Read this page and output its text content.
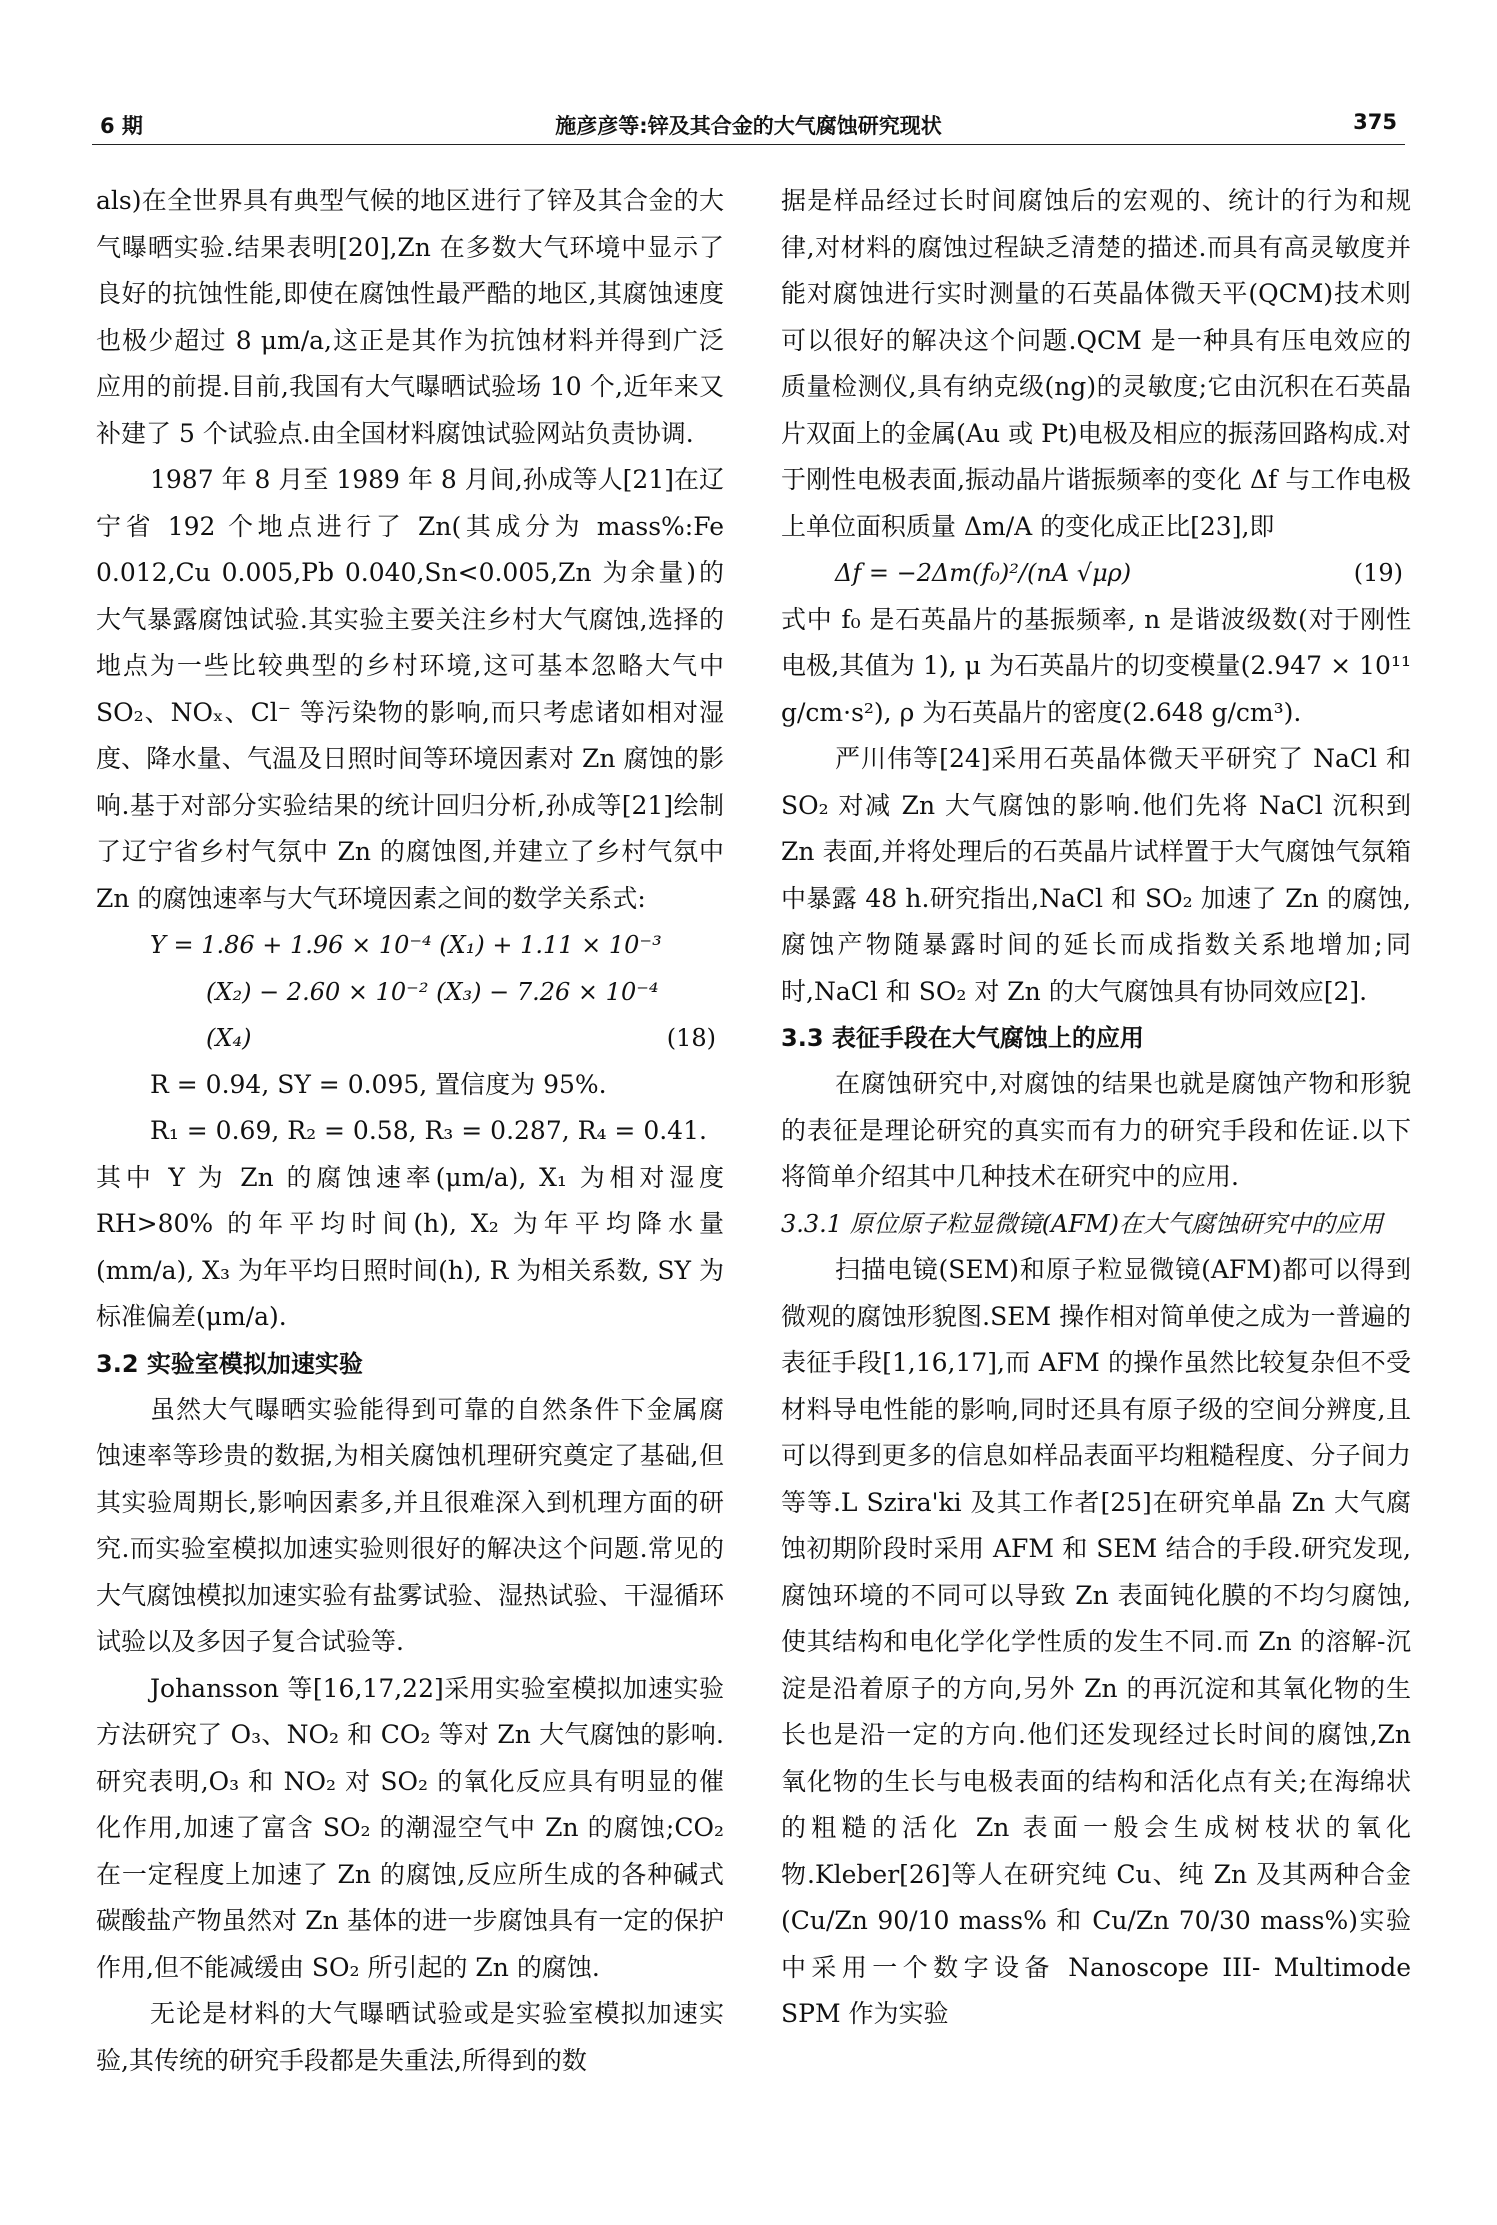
6 期	施彦彦等:锌及其合金的大气腐蚀研究现状	375

als)在全世界具有典型气候的地区进行了锌及其合金的大气曝晒实验.结果表明[20],Zn 在多数大气环境中显示了良好的抗蚀性能,即使在腐蚀性最严酷的地区,其腐蚀速度也极少超过 8 μm/a,这正是其作为抗蚀材料并得到广泛应用的前提.目前,我国有大气曝晒试验场 10 个,近年来又补建了 5 个试验点.由全国材料腐蚀试验网站负责协调.

1987 年 8 月至 1989 年 8 月间,孙成等人[21]在辽宁省 192 个地点进行了 Zn(其成分为 mass%:Fe 0.012,Cu 0.005,Pb 0.040,Sn<0.005,Zn 为余量)的大气暴露腐蚀试验.其实验主要关注乡村大气腐蚀,选择的地点为一些比较典型的乡村环境,这可基本忽略大气中 SO₂、NOₓ、Cl⁻ 等污染物的影响,而只考虑诸如相对湿度、降水量、气温及日照时间等环境因素对 Zn 腐蚀的影响.基于对部分实验结果的统计回归分析,孙成等[21]绘制了辽宁省乡村气氛中 Zn 的腐蚀图,并建立了乡村气氛中 Zn 的腐蚀速率与大气环境因素之间的数学关系式:

Y = 1.86 + 1.96 × 10⁻⁴ (X₁) + 1.11 × 10⁻³

(X₂) − 2.60 × 10⁻² (X₃) − 7.26 × 10⁻⁴

(X₄)	(18)

R = 0.94, SY = 0.095, 置信度为 95%.

R₁ = 0.69, R₂ = 0.58, R₃ = 0.287, R₄ = 0.41.

其中 Y 为 Zn 的腐蚀速率(μm/a), X₁ 为相对湿度 RH>80% 的年平均时间(h), X₂ 为年平均降水量(mm/a), X₃ 为年平均日照时间(h), R 为相关系数, SY 为标准偏差(μm/a).

3.2 实验室模拟加速实验

虽然大气曝晒实验能得到可靠的自然条件下金属腐蚀速率等珍贵的数据,为相关腐蚀机理研究奠定了基础,但其实验周期长,影响因素多,并且很难深入到机理方面的研究.而实验室模拟加速实验则很好的解决这个问题.常见的大气腐蚀模拟加速实验有盐雾试验、湿热试验、干湿循环试验以及多因子复合试验等.

Johansson 等[16,17,22]采用实验室模拟加速实验方法研究了 O₃、NO₂ 和 CO₂ 等对 Zn 大气腐蚀的影响.研究表明,O₃ 和 NO₂ 对 SO₂ 的氧化反应具有明显的催化作用,加速了富含 SO₂ 的潮湿空气中 Zn 的腐蚀;CO₂ 在一定程度上加速了 Zn 的腐蚀,反应所生成的各种碱式碳酸盐产物虽然对 Zn 基体的进一步腐蚀具有一定的保护作用,但不能减缓由 SO₂ 所引起的 Zn 的腐蚀.

无论是材料的大气曝晒试验或是实验室模拟加速实验,其传统的研究手段都是失重法,所得到的数

据是样品经过长时间腐蚀后的宏观的、统计的行为和规律,对材料的腐蚀过程缺乏清楚的描述.而具有高灵敏度并能对腐蚀进行实时测量的石英晶体微天平(QCM)技术则可以很好的解决这个问题.QCM 是一种具有压电效应的质量检测仪,具有纳克级(ng)的灵敏度;它由沉积在石英晶片双面上的金属(Au 或 Pt)电极及相应的振荡回路构成.对于刚性电极表面,振动晶片谐振频率的变化 Δf 与工作电极上单位面积质量 Δm/A 的变化成正比[23],即

Δf = −2Δm(f₀)²/(nA √μρ)	(19)

式中 f₀ 是石英晶片的基振频率, n 是谐波级数(对于刚性电极,其值为 1), μ 为石英晶片的切变模量(2.947 × 10¹¹ g/cm·s²), ρ 为石英晶片的密度(2.648 g/cm³).

严川伟等[24]采用石英晶体微天平研究了 NaCl 和 SO₂ 对减 Zn 大气腐蚀的影响.他们先将 NaCl 沉积到 Zn 表面,并将处理后的石英晶片试样置于大气腐蚀气氛箱中暴露 48 h.研究指出,NaCl 和 SO₂ 加速了 Zn 的腐蚀,腐蚀产物随暴露时间的延长而成指数关系地增加;同时,NaCl 和 SO₂ 对 Zn 的大气腐蚀具有协同效应[2].

3.3 表征手段在大气腐蚀上的应用

在腐蚀研究中,对腐蚀的结果也就是腐蚀产物和形貌的表征是理论研究的真实而有力的研究手段和佐证.以下将简单介绍其中几种技术在研究中的应用.

3.3.1 原位原子粒显微镜(AFM)在大气腐蚀研究中的应用

扫描电镜(SEM)和原子粒显微镜(AFM)都可以得到微观的腐蚀形貌图.SEM 操作相对简单使之成为一普遍的表征手段[1,16,17],而 AFM 的操作虽然比较复杂但不受材料导电性能的影响,同时还具有原子级的空间分辨度,且可以得到更多的信息如样品表面平均粗糙程度、分子间力等等.L Szira'ki 及其工作者[25]在研究单晶 Zn 大气腐蚀初期阶段时采用 AFM 和 SEM 结合的手段.研究发现,腐蚀环境的不同可以导致 Zn 表面钝化膜的不均匀腐蚀,使其结构和电化学化学性质的发生不同.而 Zn 的溶解-沉淀是沿着原子的方向,另外 Zn 的再沉淀和其氧化物的生长也是沿一定的方向.他们还发现经过长时间的腐蚀,Zn 氧化物的生长与电极表面的结构和活化点有关;在海绵状的粗糙的活化 Zn 表面一般会生成树枝状的氧化物.Kleber[26]等人在研究纯 Cu、纯 Zn 及其两种合金(Cu/Zn 90/10 mass% 和 Cu/Zn 70/30 mass%)实验中采用一个数字设备 Nanoscope III- Multimode SPM 作为实验
